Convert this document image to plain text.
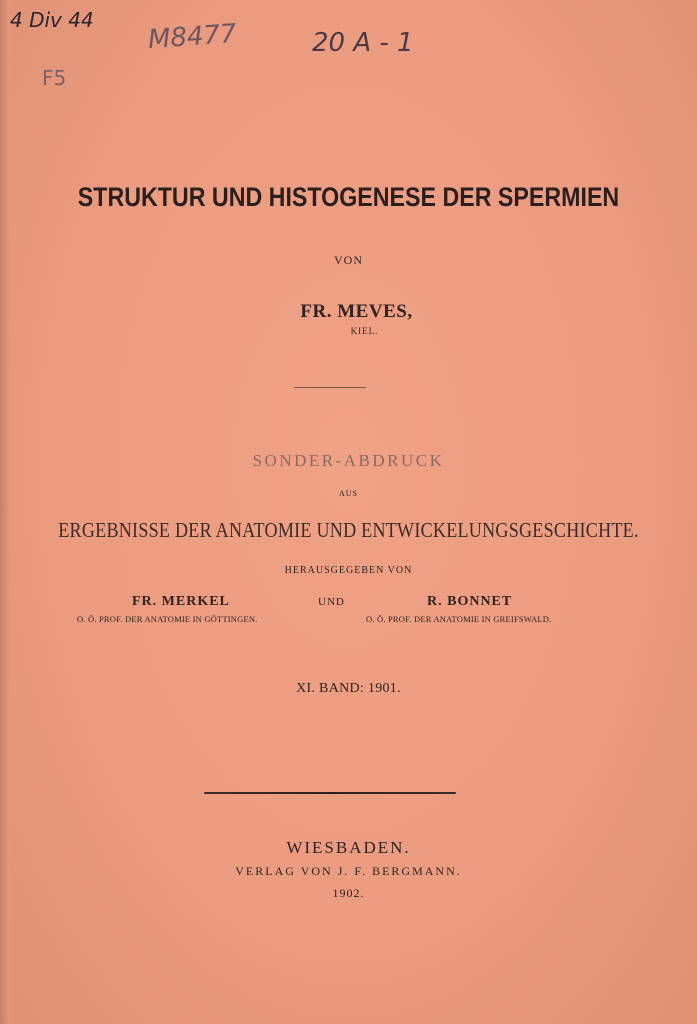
4 Div 44 M8477	20 A - 1
F5
STRUKTUR UND HISTOGENESE DER SPERMIEN
VON
FR. MEVES,
KIEL.
SONDER-ABDRUCK
AUS
ERGEBNISSE DER ANATOMIE UND ENTWICKELUNGSGESCHICHTE.
HERAUSGEGEBEN VON
FR. MERKEL	UND	R. BONNET
O. Ö. PROF. DER ANATOMIE IN GÖTTINGEN.	O. Ö. PROF. DER ANATOMIE IN GREIFSWALD.
XI. BAND: 1901.
WIESBADEN.
VERLAG VON J. F. BERGMANN.
1902.
